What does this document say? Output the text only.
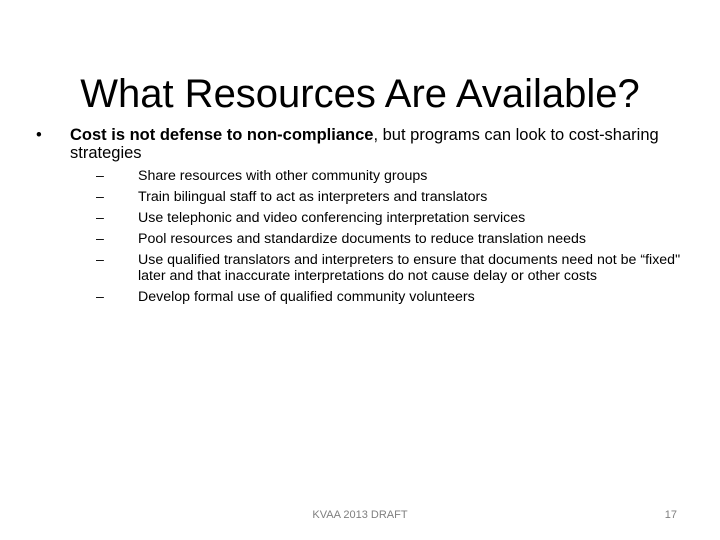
What Resources Are Available?
•	Cost is not defense to non-compliance, but programs can look to cost-sharing strategies
– Share resources with other community groups
– Train bilingual staff to act as interpreters and translators
– Use telephonic and video conferencing interpretation services
– Pool resources and standardize documents to reduce translation needs
– Use qualified translators and interpreters to ensure that documents need not be “fixed" later and that inaccurate interpretations do not cause delay or other costs
– Develop formal use of qualified community volunteers
KVAA 2013 DRAFT	17
